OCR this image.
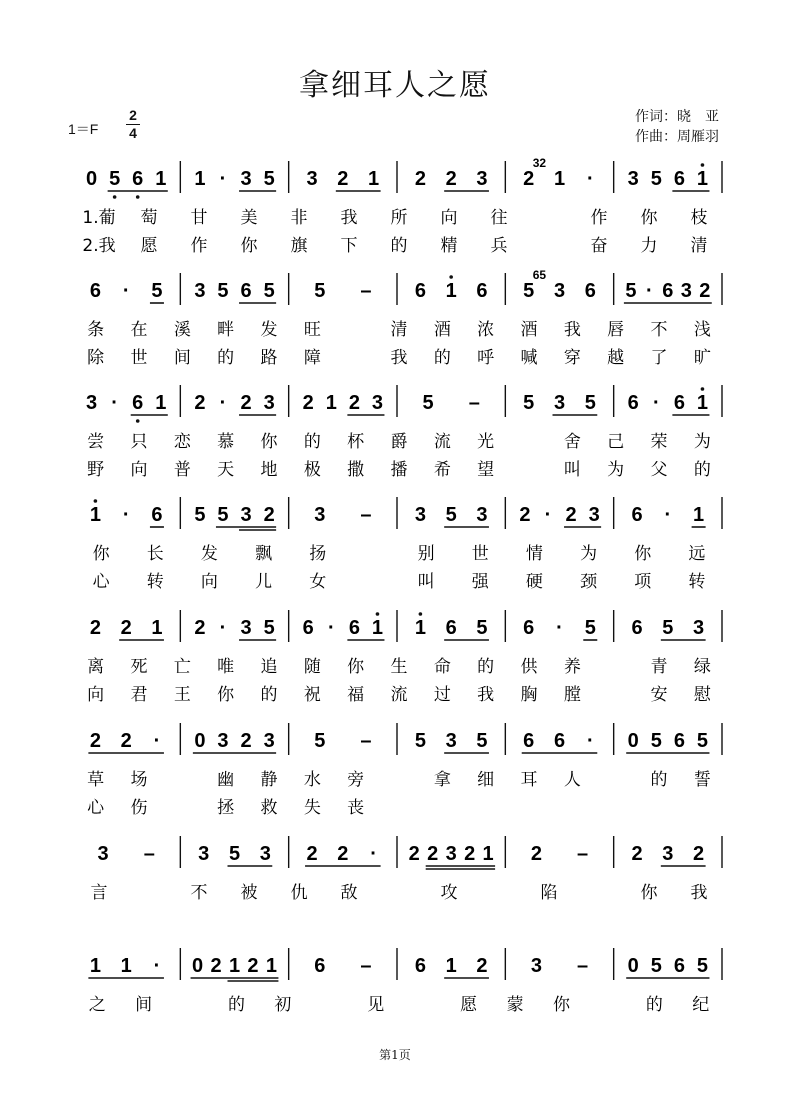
拿细耳人之愿
1＝F
2
4
作词：晓　亚
作曲：周雁羽
0 5 6 1 1 · 3 5 3 2 1 2 2 3 2
32
1 · 3 5 6 1
1.葡 萄 甘 美 非 我 所 向 往	作 你 枝
2.我 愿 作 你 旗 下 的 精 兵	奋 力 清
6 · 5 3 5 6 5 5 – 6 1 6 5
65
3 6 5 · 6 3 2
条 在 溪 畔 发 旺	清 酒 浓 酒 我 唇 不 浅
除 世 间 的 路 障	我 的 呼 喊 穿 越 了 旷
3 · 6 1 2 · 2 3 2 1 2 3 5 – 5 3 5 6 · 6 1
尝 只 恋 慕 你 的 杯 爵 流 光	舍 己 荣 为
野 向 普 天 地 极 撒 播 希 望	叫 为 父 的
1 · 6 5 5 3 2 3 – 3 5 3 2 · 2 3 6 · 1
你 长 发 飘 扬	别 世 情 为 你 远
心 转 向 儿 女	叫 强 硬 颈 项 转
2 2 1 2 · 3 5 6 · 6 1 1 6 5 6 · 5 6 5 3
离 死 亡 唯 追 随 你 生 命 的 供 养	青 绿
向 君 王 你 的 祝 福 流 过 我 胸 膛	安 慰
2 2 · 0 3 2 3 5 – 5 3 5 6 6 · 0 5 6 5
草 场	幽 静 水 旁	拿 细 耳 人	的 誓
心 伤	拯 救 失 丧
3 – 3 5 3 2 2 · 2 2 3 2 1 2 – 2 3 2
言	不 被 仇 敌	攻	陷	你 我
1 1 · 0 2 1 2 1 6 – 6 1 2 3 – 0 5 6 5
之 间	的 初	见	愿 蒙 你	的 纪
第1页
